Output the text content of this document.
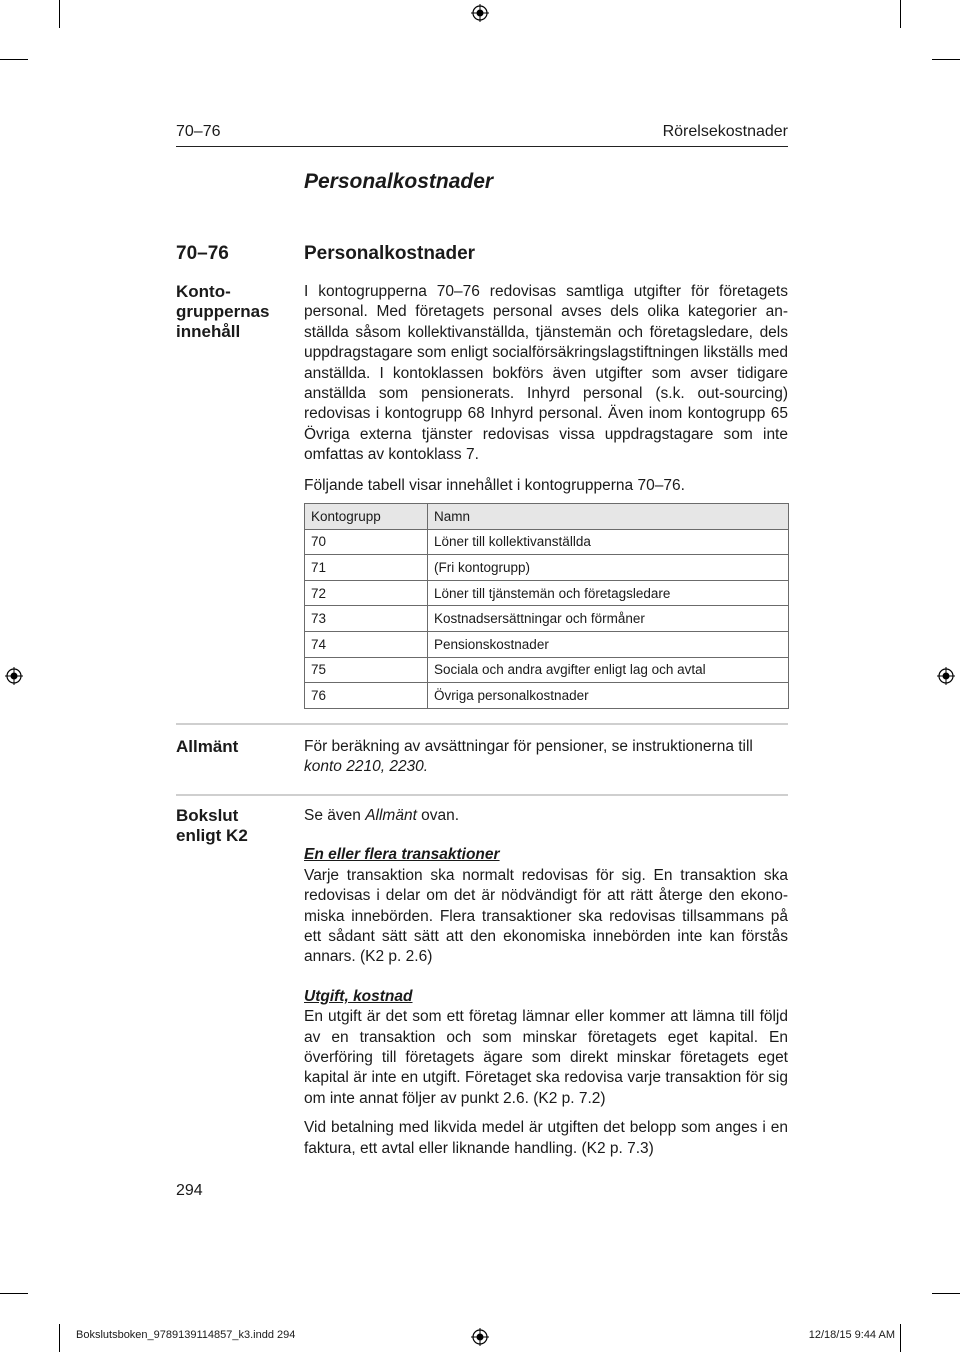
70–76	Rörelsekostnader
Personalkostnader
70–76	Personalkostnader
Konto-
gruppernas
innehåll

I kontogrupperna 70–76 redovisas samtliga utgifter för företagets personal. Med företagets personal avses dels olika kategorier anställda såsom kollektivanställda, tjänstemän och företagsledare, dels uppdragstagare som enligt socialförsäkringslagstiftningen likställs med anställda. I kontoklassen bokförs även utgifter som avser tidigare anställda som pensionerats. Inhyrd personal (s.k. out-sourcing) redovisas i kontogrupp 68 Inhyrd personal. Även inom kontogrupp 65 Övriga externa tjänster redovisas vissa uppdragstagare som inte omfattas av kontoklass 7.

Följande tabell visar innehållet i kontogrupperna 70–76.

Kontogrupp	Namn
70	Löner till kollektivanställda
71	(Fri kontogrupp)
72	Löner till tjänstemän och företagsledare
73	Kostnadsersättningar och förmåner
74	Pensionskostnader
75	Sociala och andra avgifter enligt lag och avtal
76	Övriga personalkostnader
Allmänt	För beräkning av avsättningar för pensioner, se instruktionerna till
konto 2210, 2230.
Bokslut
enligt K2

Se även Allmänt ovan.

En eller flera transaktioner

Varje transaktion ska normalt redovisas för sig. En transaktion ska redovisas i delar om det är nödvändigt för att rätt återge den ekonomiska innebörden. Flera transaktioner ska redovisas tillsammans på ett sådant sätt sätt att den ekonomiska innebörden inte kan förstås annars. (K2 p. 2.6)

Utgift, kostnad

En utgift är det som ett företag lämnar eller kommer att lämna till följd av en transaktion och som minskar företagets eget kapital. En överföring till företagets ägare som direkt minskar företagets eget kapital är inte en utgift. Företaget ska redovisa varje transaktion för sig om inte annat följer av punkt 2.6. (K2 p. 7.2)

Vid betalning med likvida medel är utgiften det belopp som anges i en faktura, ett avtal eller liknande handling. (K2 p. 7.3)

294
Bokslutsboken_9789139114857_k3.indd 294	12/18/15 9:44 AM
